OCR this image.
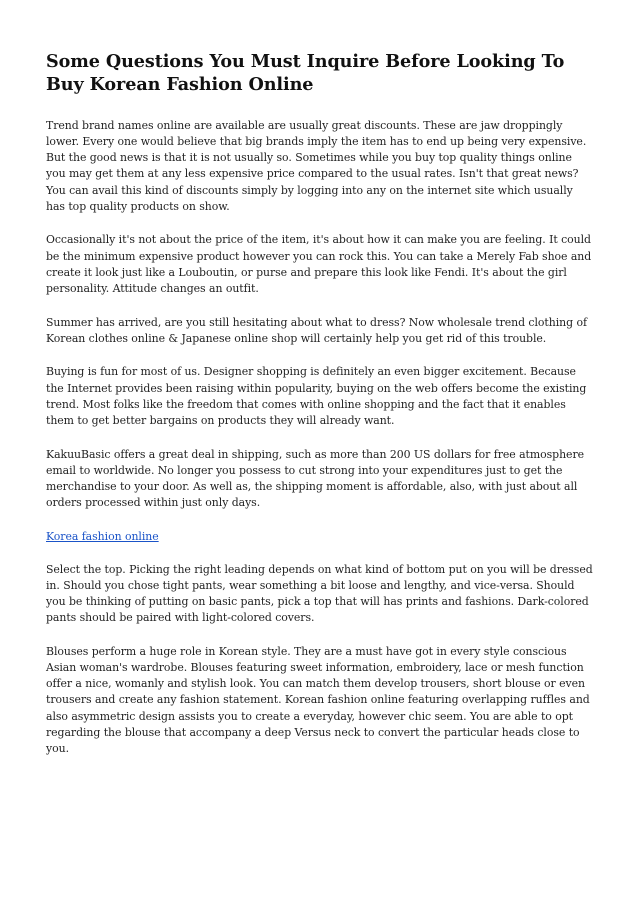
Some Questions You Must Inquire Before Looking To Buy Korean Fashion Online

Trend brand names online are available are usually great discounts. These are jaw droppingly lower. Every one would believe that big brands imply the item has to end up being very expensive. But the good news is that it is not usually so. Sometimes while you buy top quality things online you may get them at any less expensive price compared to the usual rates. Isn't that great news? You can avail this kind of discounts simply by logging into any on the internet site which usually has top quality products on show.

Occasionally it's not about the price of the item, it's about how it can make you are feeling. It could be the minimum expensive product however you can rock this. You can take a Merely Fab shoe and create it look just like a Louboutin, or purse and prepare this look like Fendi. It's about the girl personality. Attitude changes an outfit.

Summer has arrived, are you still hesitating about what to dress? Now wholesale trend clothing of Korean clothes online & Japanese online shop will certainly help you get rid of this trouble.

Buying is fun for most of us. Designer shopping is definitely an even bigger excitement. Because the Internet provides been raising within popularity, buying on the web offers become the existing trend. Most folks like the freedom that comes with online shopping and the fact that it enables them to get better bargains on products they will already want.

KakuuBasic offers a great deal in shipping, such as more than 200 US dollars for free atmosphere email to worldwide. No longer you possess to cut strong into your expenditures just to get the merchandise to your door. As well as, the shipping moment is affordable, also, with just about all orders processed within just only days.

Korea fashion online

Select the top. Picking the right leading depends on what kind of bottom put on you will be dressed in. Should you chose tight pants, wear something a bit loose and lengthy, and vice-versa. Should you be thinking of putting on basic pants, pick a top that will has prints and fashions. Dark-colored pants should be paired with light-colored covers.

Blouses perform a huge role in Korean style. They are a must have got in every style conscious Asian woman's wardrobe. Blouses featuring sweet information, embroidery, lace or mesh function offer a nice, womanly and stylish look. You can match them develop trousers, short blouse or even trousers and create any fashion statement. Korean fashion online featuring overlapping ruffles and also asymmetric design assists you to create a everyday, however chic seem. You are able to opt regarding the blouse that accompany a deep Versus neck to convert the particular heads close to you.
